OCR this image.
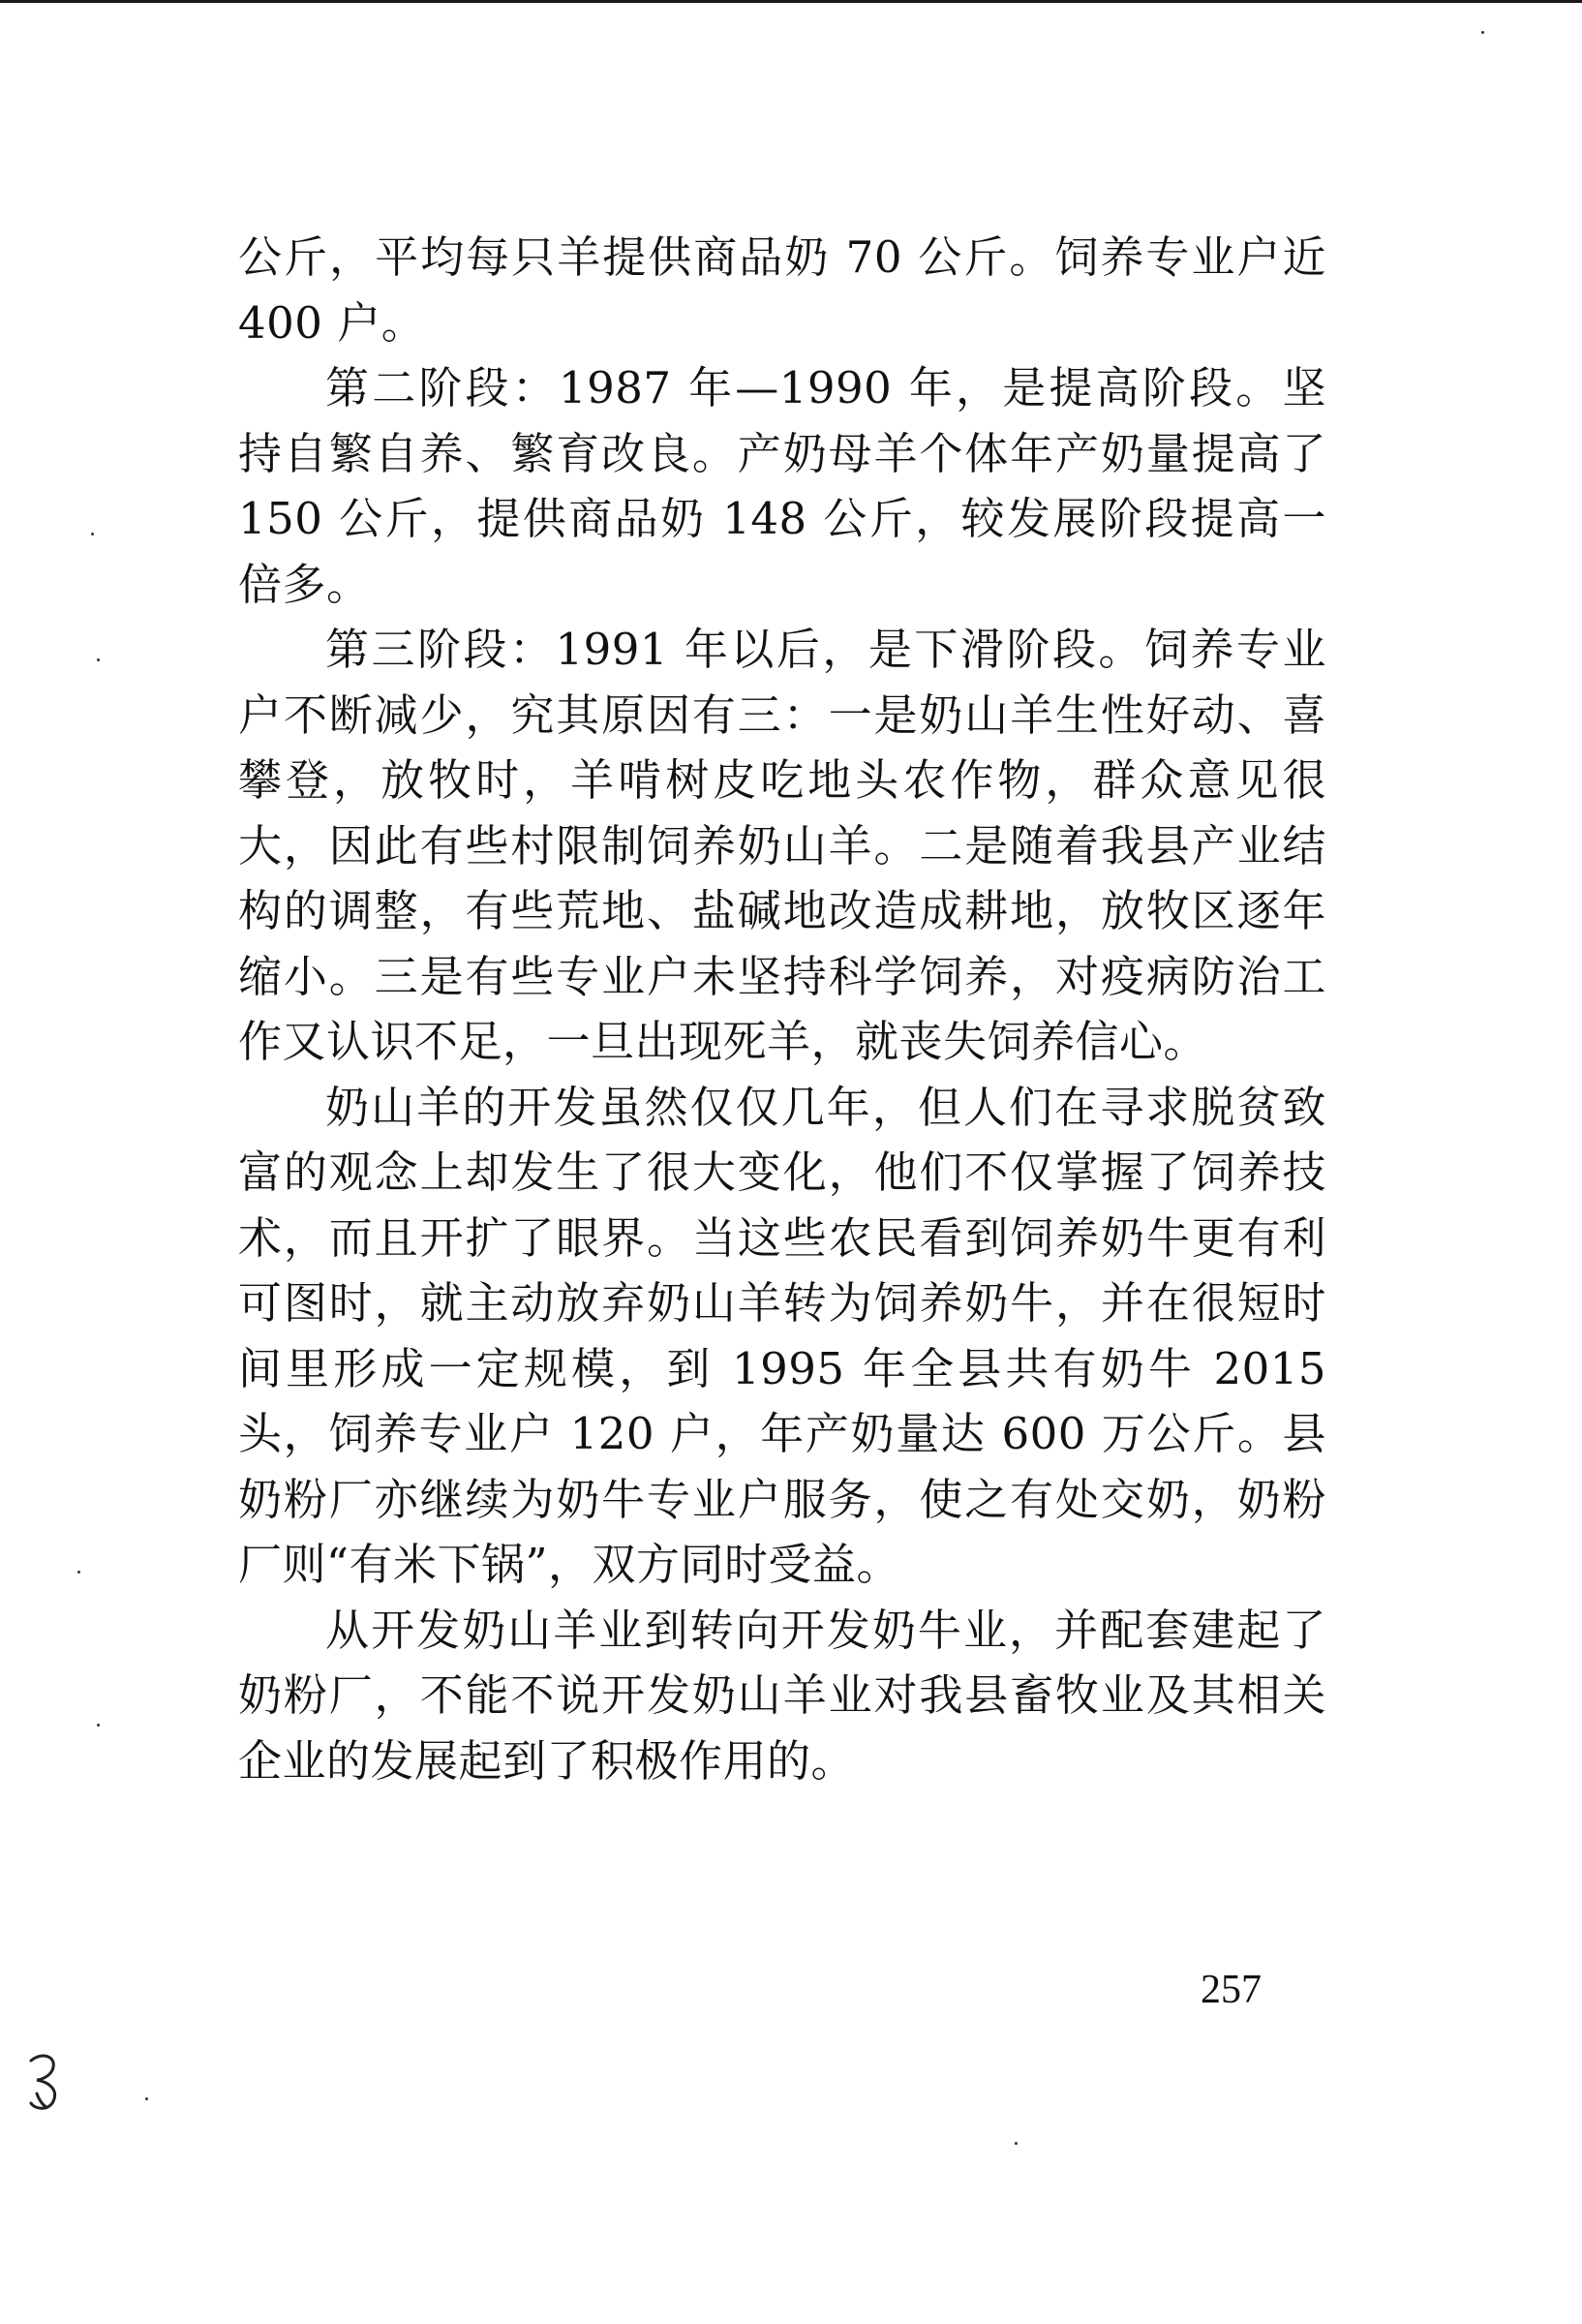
公斤，平均每只羊提供商品奶 70 公斤。饲养专业户近 400 户。

第二阶段：1987 年—1990 年，是提高阶段。坚持自繁自养、繁育改良。产奶母羊个体年产奶量提高了 150 公斤，提供商品奶 148 公斤，较发展阶段提高一倍多。

第三阶段：1991 年以后，是下滑阶段。饲养专业户不断减少，究其原因有三：一是奶山羊生性好动、喜攀登，放牧时，羊啃树皮吃地头农作物，群众意见很大，因此有些村限制饲养奶山羊。二是随着我县产业结构的调整，有些荒地、盐碱地改造成耕地，放牧区逐年缩小。三是有些专业户未坚持科学饲养，对疫病防治工作又认识不足，一旦出现死羊，就丧失饲养信心。

奶山羊的开发虽然仅仅几年，但人们在寻求脱贫致富的观念上却发生了很大变化，他们不仅掌握了饲养技术，而且开扩了眼界。当这些农民看到饲养奶牛更有利可图时，就主动放弃奶山羊转为饲养奶牛，并在很短时间里形成一定规模，到 1995 年全县共有奶牛 2015 头，饲养专业户 120 户，年产奶量达 600 万公斤。县奶粉厂亦继续为奶牛专业户服务，使之有处交奶，奶粉厂则“有米下锅”，双方同时受益。

从开发奶山羊业到转向开发奶牛业，并配套建起了奶粉厂，不能不说开发奶山羊业对我县畜牧业及其相关企业的发展起到了积极作用的。

257
